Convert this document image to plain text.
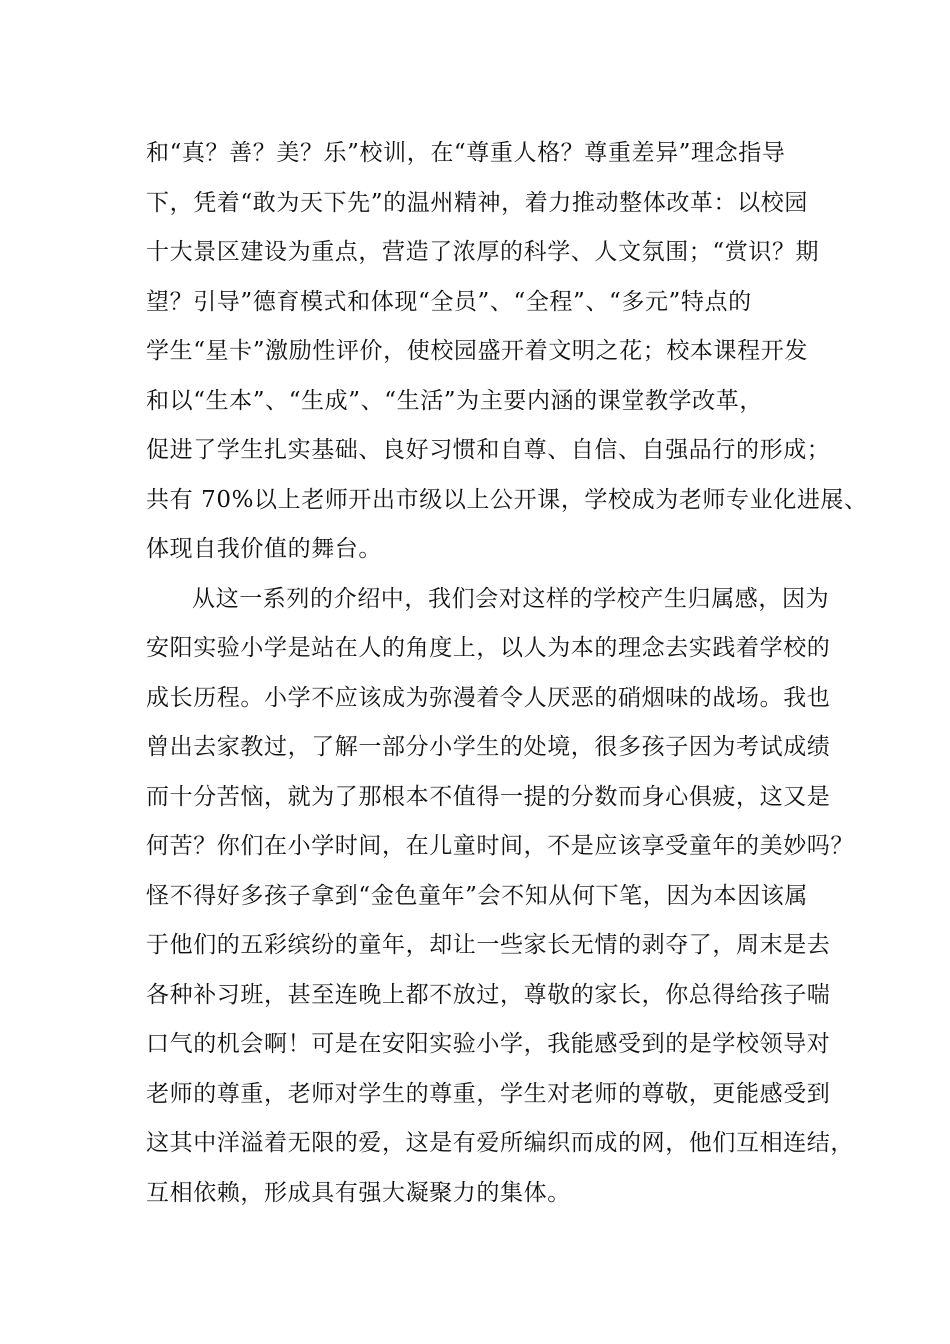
和“真？善？美？乐”校训，在“尊重人格？尊重差异”理念指导
下，凭着“敢为天下先”的温州精神，着力推动整体改革：以校园
十大景区建设为重点，营造了浓厚的科学、人文氛围；“赏识？期
望？引导”德育模式和体现“全员”、“全程”、“多元”特点的
学生“星卡”激励性评价，使校园盛开着文明之花；校本课程开发
和以“生本”、“生成”、“生活”为主要内涵的课堂教学改革，
促进了学生扎实基础、良好习惯和自尊、自信、自强品行的形成；
共有 70%以上老师开出市级以上公开课，学校成为老师专业化进展、
体现自我价值的舞台。
从这一系列的介绍中，我们会对这样的学校产生归属感，因为
安阳实验小学是站在人的角度上，以人为本的理念去实践着学校的
成长历程。小学不应该成为弥漫着令人厌恶的硝烟味的战场。我也
曾出去家教过，了解一部分小学生的处境，很多孩子因为考试成绩
而十分苦恼，就为了那根本不值得一提的分数而身心俱疲，这又是
何苦？你们在小学时间，在儿童时间，不是应该享受童年的美妙吗？
怪不得好多孩子拿到“金色童年”会不知从何下笔，因为本因该属
于他们的五彩缤纷的童年，却让一些家长无情的剥夺了，周末是去
各种补习班，甚至连晚上都不放过，尊敬的家长，你总得给孩子喘
口气的机会啊！可是在安阳实验小学，我能感受到的是学校领导对
老师的尊重，老师对学生的尊重，学生对老师的尊敬，更能感受到
这其中洋溢着无限的爱，这是有爱所编织而成的网，他们互相连结，
互相依赖，形成具有强大凝聚力的集体。
